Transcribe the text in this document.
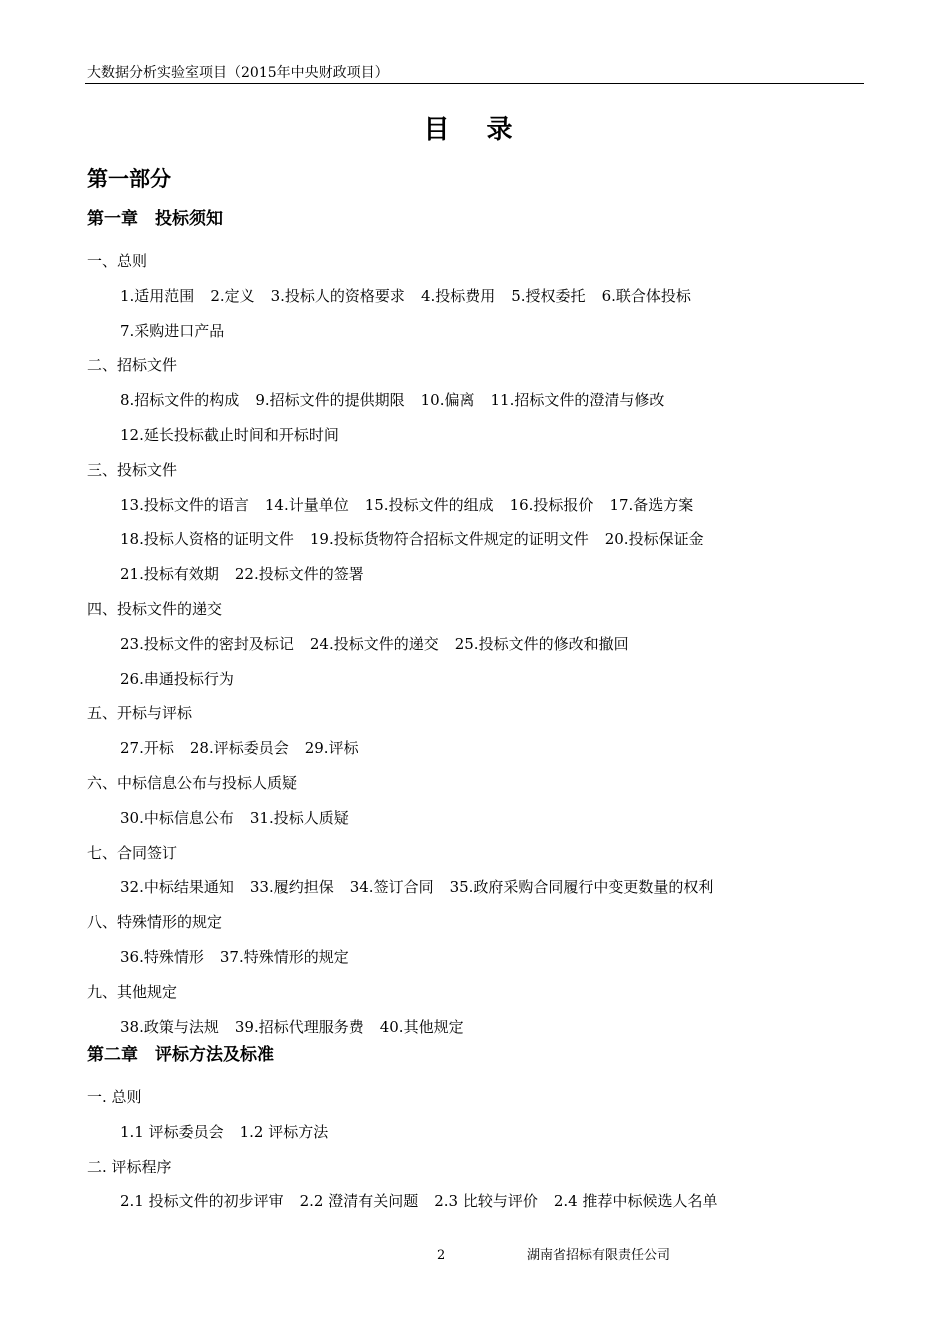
大数据分析实验室项目（2015年中央财政项目）
目 录
第一部分
第一章　投标须知
一、总则
1.适用范围 2.定义 3.投标人的资格要求 4.投标费用 5.授权委托 6.联合体投标
7.采购进口产品
二、招标文件
8.招标文件的构成 9.招标文件的提供期限 10.偏离 11.招标文件的澄清与修改
12.延长投标截止时间和开标时间
三、投标文件
13.投标文件的语言 14.计量单位 15.投标文件的组成 16.投标报价 17.备选方案
18.投标人资格的证明文件 19.投标货物符合招标文件规定的证明文件 20.投标保证金
21.投标有效期 22.投标文件的签署
四、投标文件的递交
23.投标文件的密封及标记 24.投标文件的递交 25.投标文件的修改和撤回
26.串通投标行为
五、开标与评标
27.开标 28.评标委员会 29.评标
六、中标信息公布与投标人质疑
30.中标信息公布 31.投标人质疑
七、合同签订
32.中标结果通知 33.履约担保 34.签订合同 35.政府采购合同履行中变更数量的权利
八、特殊情形的规定
36.特殊情形 37.特殊情形的规定
九、其他规定
38.政策与法规 39.招标代理服务费 40.其他规定
第二章　评标方法及标准
一. 总则
1.1 评标委员会 1.2 评标方法
二. 评标程序
2.1 投标文件的初步评审 2.2 澄清有关问题 2.3 比较与评价 2.4 推荐中标候选人名单
2	湖南省招标有限责任公司
